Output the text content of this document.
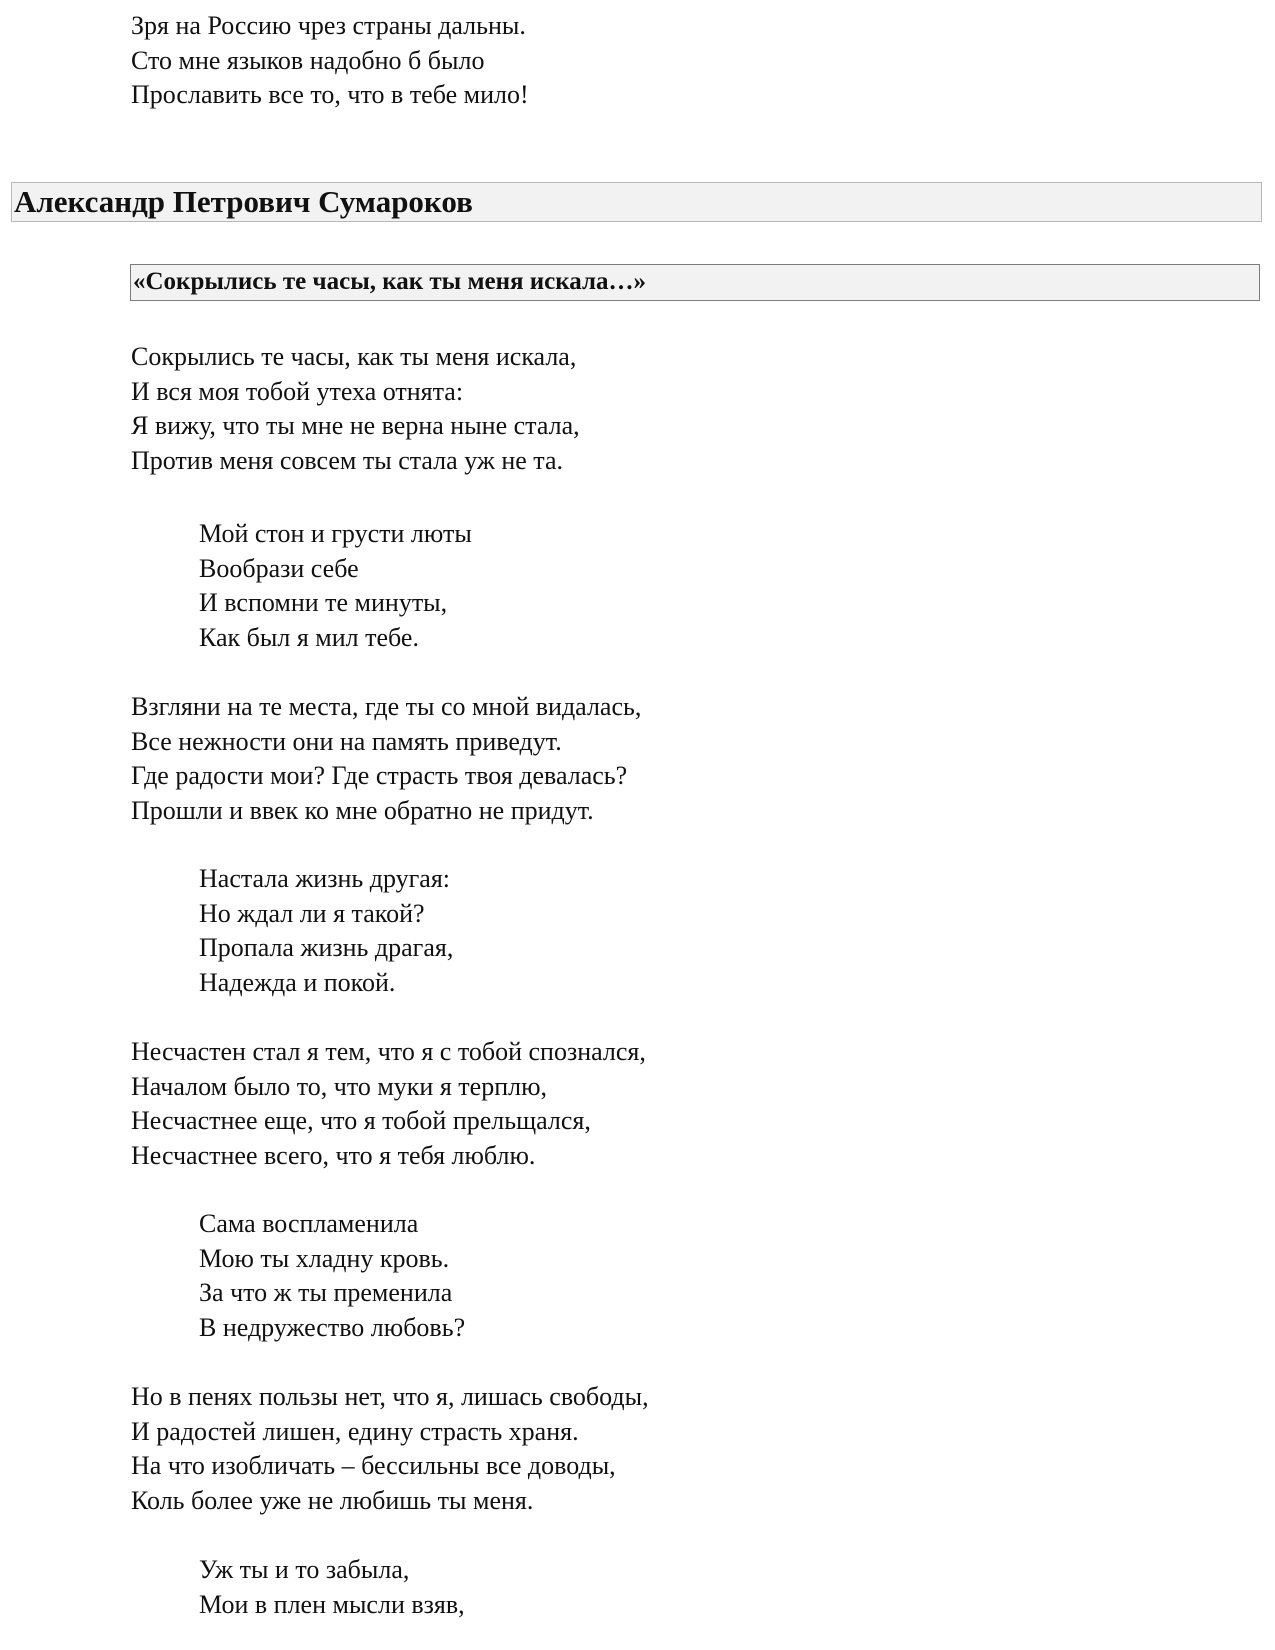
Зря на Россию чрез страны дальны.
Сто мне языков надобно б было
Прославить все то, что в тебе мило!
Александр Петрович Сумароков
«Сокрылись те часы, как ты меня искала…»
Сокрылись те часы, как ты меня искала,
И вся моя тобой утеха отнята:
Я вижу, что ты мне не верна ныне стала,
Против меня совсем ты стала уж не та.
Мой стон и грусти люты
Вообрази себе
И вспомни те минуты,
Как был я мил тебе.
Взгляни на те места, где ты со мной видалась,
Все нежности они на память приведут.
Где радости мои? Где страсть твоя девалась?
Прошли и ввек ко мне обратно не придут.
Настала жизнь другая:
Но ждал ли я такой?
Пропала жизнь драгая,
Надежда и покой.
Несчастен стал я тем, что я с тобой спознался,
Началом было то, что муки я терплю,
Несчастнее еще, что я тобой прельщался,
Несчастнее всего, что я тебя люблю.
Сама воспламенила
Мою ты хладну кровь.
За что ж ты пременила
В недружество любовь?
Но в пенях пользы нет, что я, лишась свободы,
И радостей лишен, едину страсть храня.
На что изобличать – бессильны все доводы,
Коль более уже не любишь ты меня.
Уж ты и то забыла,
Мои в плен мысли взяв,
